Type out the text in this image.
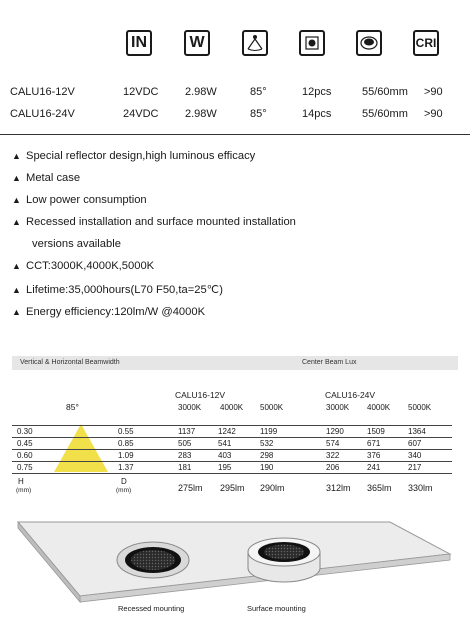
IN	W	CRI
CALU16-12V	12VDC 2.98W	85°	12pcs	55/60mm >90
CALU16-24V	24VDC 2.98W	85°	14pcs	55/60mm >90
▲ Special reflector design,high luminous efficacy
▲ Metal case
▲ Low power consumption
▲ Recessed installation and surface mounted installation
versions available
▲ CCT:3000K,4000K,5000K
▲ Lifetime:35,000hours(L70 F50,ta=25℃)
▲ Energy efficiency:120lm/W @4000K
Vertical & Horizontal Beamwidth	Center Beam Lux
85°
CALU16-12V	CALU16-24V
3000K 4000K 5000K	3000K 4000K 5000K
0.30	0.55	1137	1242	1199	1290	1509	1364
0.45	0.85	505	541	532	574	671	607
0.60	1.09	283	403	298	322	376	340
0.75	1.37	181	195	190	206	241	217
H
(mm)
D
(mm)	275lm 295lm 290lm	312lm 365lm 330lm
Recessed mounting	Surface mounting
